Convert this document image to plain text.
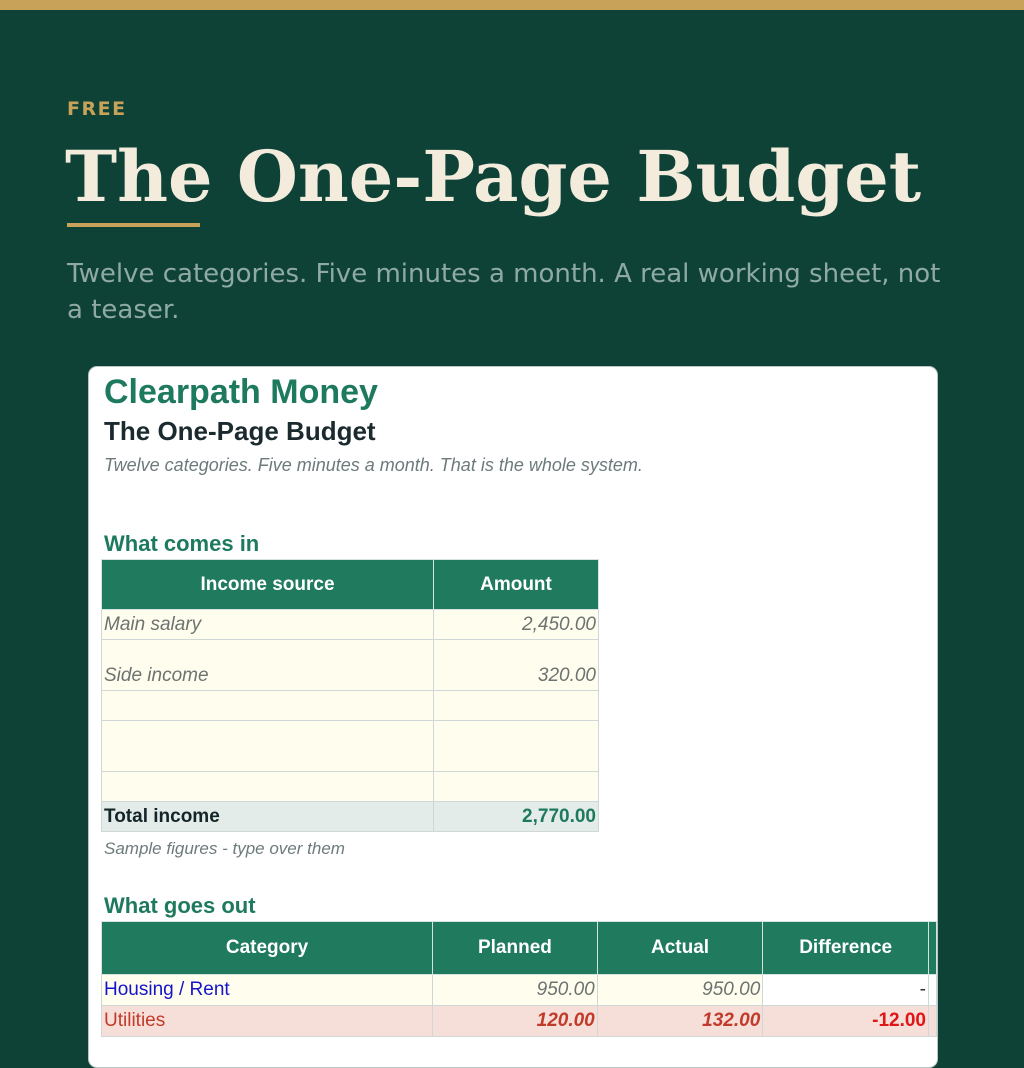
FREE
The One-Page Budget
Twelve categories. Five minutes a month. A real working sheet, not a teaser.
Clearpath Money
The One-Page Budget
Twelve categories. Five minutes a month. That is the whole system.
What comes in
Income source	Amount
Main salary	2,450.00
Side income	320.00

Total income	2,770.00
Sample figures - type over them
What goes out
Category	Planned	Actual	Difference	
Housing / Rent	950.00	950.00	-	
Utilities	120.00	132.00	-12.00	
